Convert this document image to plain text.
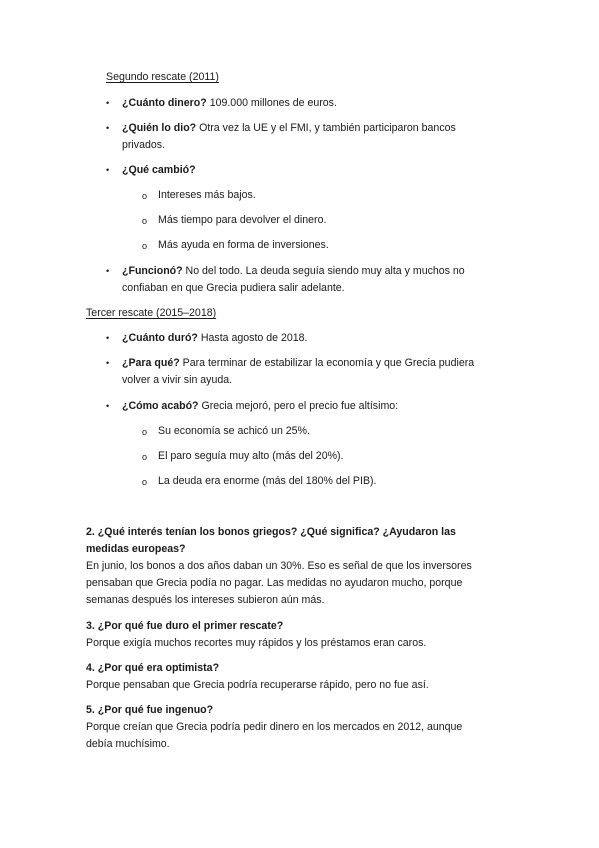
Segundo rescate (2011)
• ¿Cuánto dinero? 109.000 millones de euros.
• ¿Quién lo dio? Otra vez la UE y el FMI, y también participaron bancos
privados.
• ¿Qué cambió?
o Intereses más bajos.
o Más tiempo para devolver el dinero.
o Más ayuda en forma de inversiones.
• ¿Funcionó? No del todo. La deuda seguía siendo muy alta y muchos no
confiaban en que Grecia pudiera salir adelante.
Tercer rescate (2015–2018)
• ¿Cuánto duró? Hasta agosto de 2018.
• ¿Para qué? Para terminar de estabilizar la economía y que Grecia pudiera
volver a vivir sin ayuda.
• ¿Cómo acabó? Grecia mejoró, pero el precio fue altísimo:
o Su economía se achicó un 25%.
o El paro seguía muy alto (más del 20%).
o La deuda era enorme (más del 180% del PIB).
2. ¿Qué interés tenían los bonos griegos? ¿Qué significa? ¿Ayudaron las
medidas europeas?
En junio, los bonos a dos años daban un 30%. Eso es señal de que los inversores
pensaban que Grecia podía no pagar. Las medidas no ayudaron mucho, porque
semanas después los intereses subieron aún más.
3. ¿Por qué fue duro el primer rescate?
Porque exigía muchos recortes muy rápidos y los préstamos eran caros.
4. ¿Por qué era optimista?
Porque pensaban que Grecia podría recuperarse rápido, pero no fue así.
5. ¿Por qué fue ingenuo?
Porque creían que Grecia podría pedir dinero en los mercados en 2012, aunque
debía muchísimo.
